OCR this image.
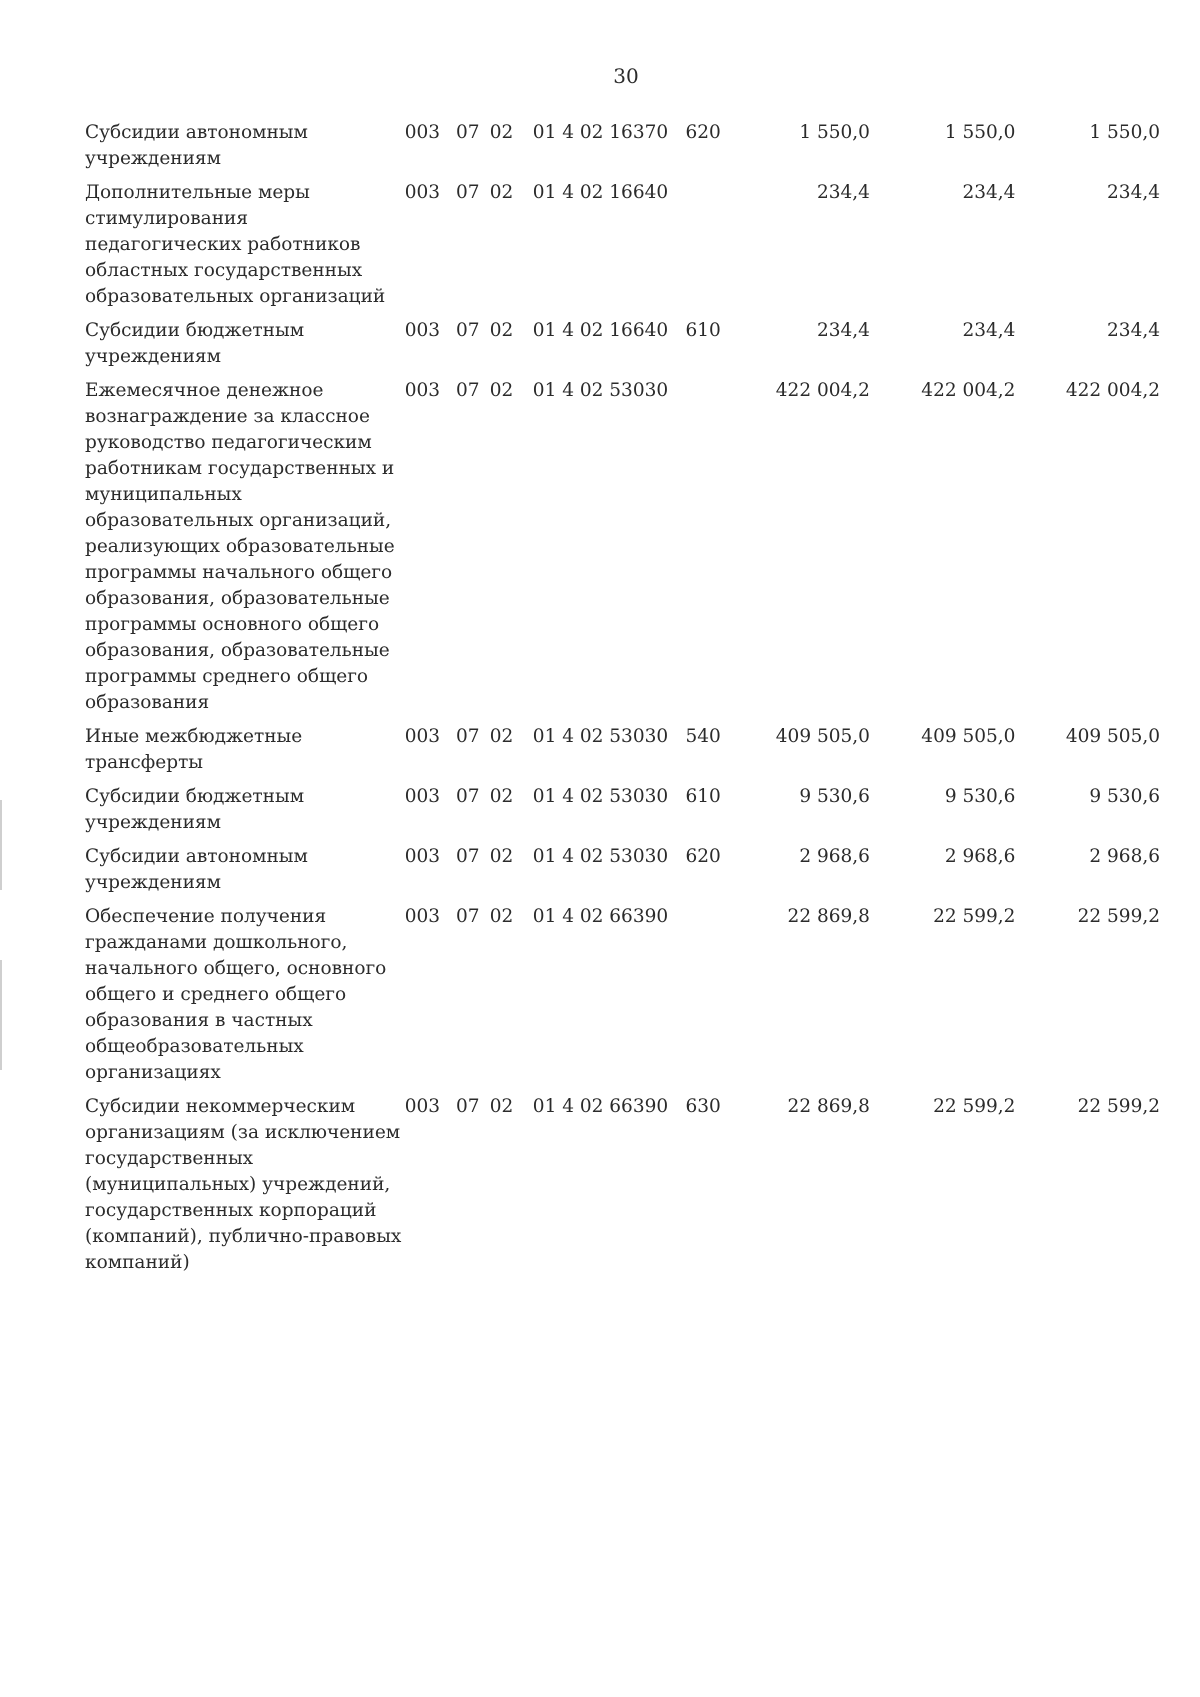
30
Субсидии автономным учреждениям	003	07	02	01 4 02 16370	620	1 550,0	1 550,0	1 550,0
Дополнительные меры стимулирования педагогических работников областных государственных образовательных организаций	003	07	02	01 4 02 16640		234,4	234,4	234,4
Субсидии бюджетным учреждениям	003	07	02	01 4 02 16640	610	234,4	234,4	234,4
Ежемесячное денежное вознаграждение за классное руководство педагогическим работникам государственных и муниципальных образовательных организаций, реализующих образовательные программы начального общего образования, образовательные программы основного общего образования, образовательные программы среднего общего образования	003	07	02	01 4 02 53030		422 004,2	422 004,2	422 004,2
Иные межбюджетные трансферты	003	07	02	01 4 02 53030	540	409 505,0	409 505,0	409 505,0
Субсидии бюджетным учреждениям	003	07	02	01 4 02 53030	610	9 530,6	9 530,6	9 530,6
Субсидии автономным учреждениям	003	07	02	01 4 02 53030	620	2 968,6	2 968,6	2 968,6
Обеспечение получения гражданами дошкольного, начального общего, основного общего и среднего общего образования в частных общеобразовательных организациях	003	07	02	01 4 02 66390		22 869,8	22 599,2	22 599,2
Субсидии некоммерческим организациям (за исключением государственных (муниципальных) учреждений, государственных корпораций (компаний), публично-правовых компаний)	003	07	02	01 4 02 66390	630	22 869,8	22 599,2	22 599,2
